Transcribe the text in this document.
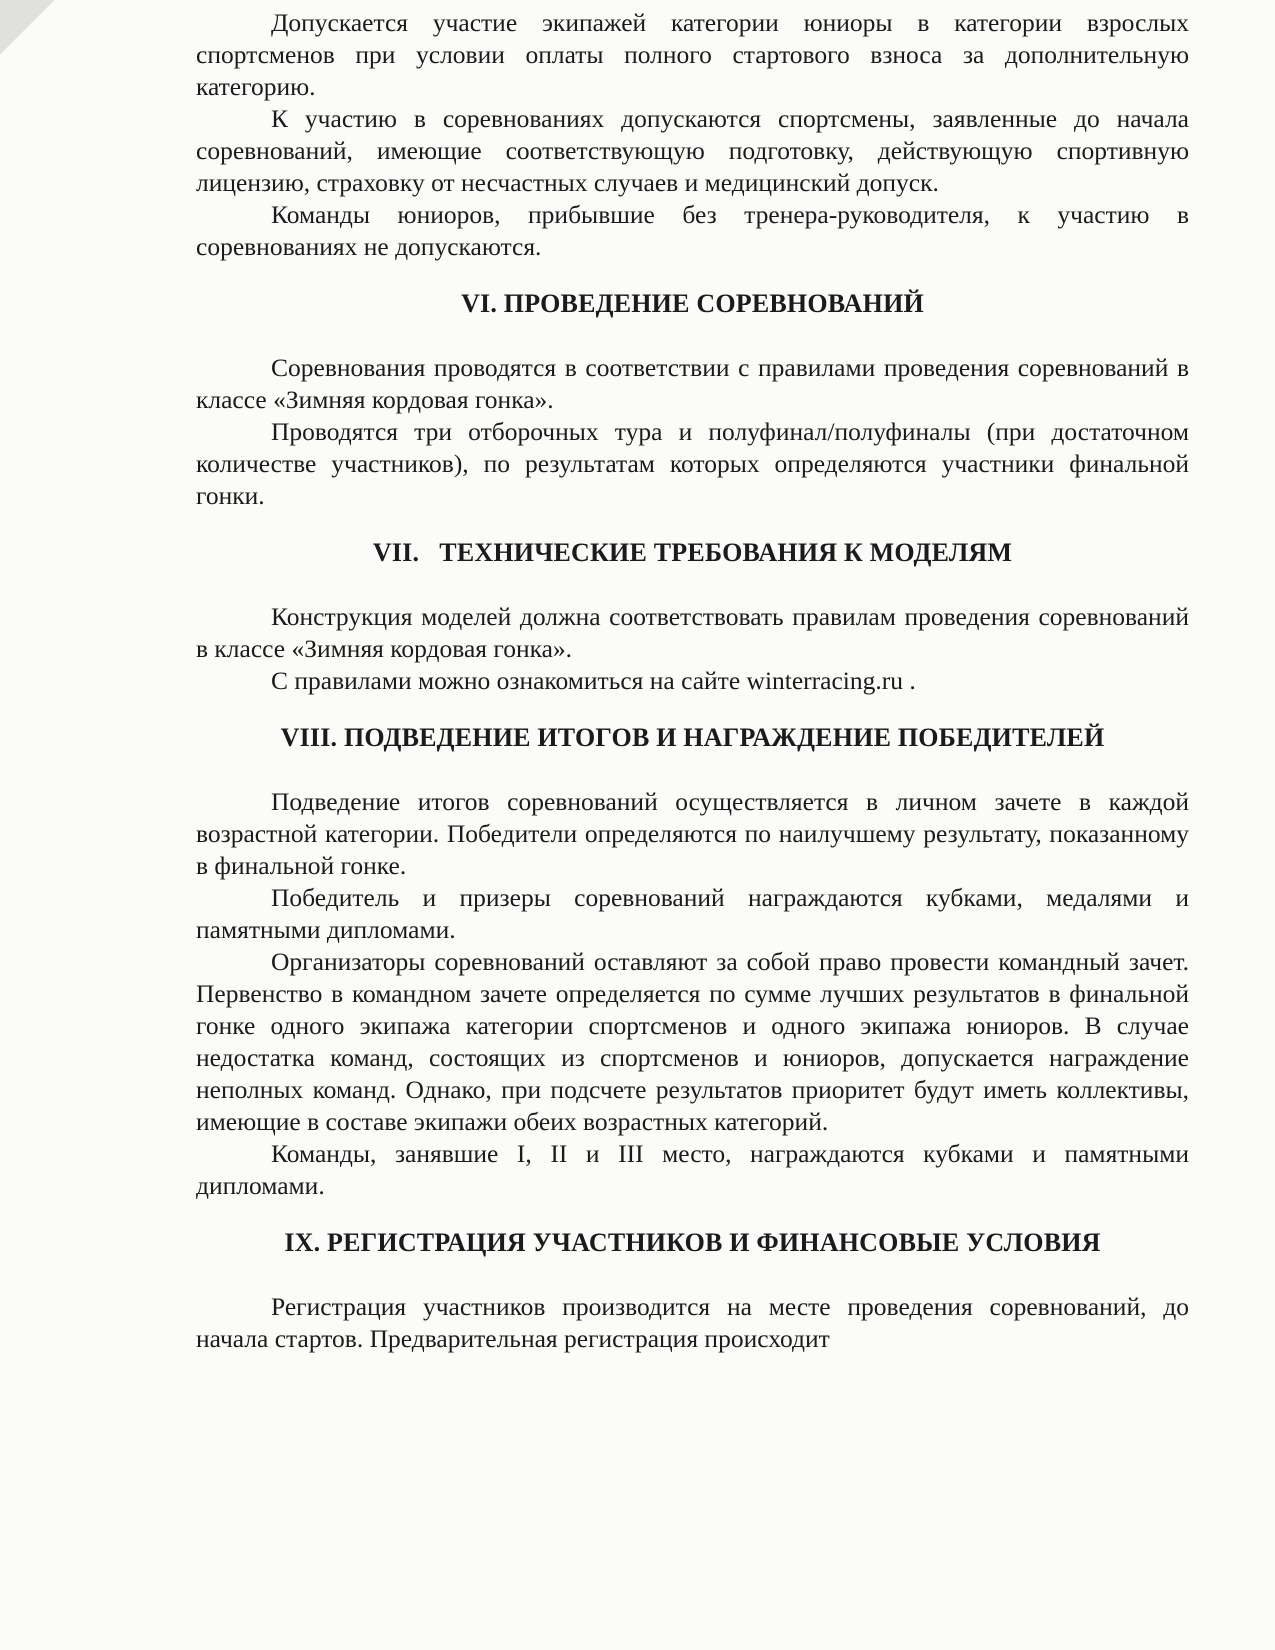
Допускается участие экипажей категории юниоры в категории взрослых спортсменов при условии оплаты полного стартового взноса за дополнительную категорию.

К участию в соревнованиях допускаются спортсмены, заявленные до начала соревнований, имеющие соответствующую подготовку, действующую спортивную лицензию, страховку от несчастных случаев и медицинский допуск.

Команды юниоров, прибывшие без тренера-руководителя, к участию в соревнованиях не допускаются.

VI. ПРОВЕДЕНИЕ СОРЕВНОВАНИЙ

Соревнования проводятся в соответствии с правилами проведения соревнований в классе «Зимняя кордовая гонка».

Проводятся три отборочных тура и полуфинал/полуфиналы (при достаточном количестве участников), по результатам которых определяются участники финальной гонки.

VII.   ТЕХНИЧЕСКИЕ ТРЕБОВАНИЯ К МОДЕЛЯМ

Конструкция моделей должна соответствовать правилам проведения соревнований в классе «Зимняя кордовая гонка».

С правилами можно ознакомиться на сайте winterracing.ru .

VIII. ПОДВЕДЕНИЕ ИТОГОВ И НАГРАЖДЕНИЕ ПОБЕДИТЕЛЕЙ

Подведение итогов соревнований осуществляется в личном зачете в каждой возрастной категории. Победители определяются по наилучшему результату, показанному в финальной гонке.

Победитель и призеры соревнований награждаются кубками, медалями и памятными дипломами.

Организаторы соревнований оставляют за собой право провести командный зачет. Первенство в командном зачете определяется по сумме лучших результатов в финальной гонке одного экипажа категории спортсменов и одного экипажа юниоров. В случае недостатка команд, состоящих из спортсменов и юниоров, допускается награждение неполных команд. Однако, при подсчете результатов приоритет будут иметь коллективы, имеющие в составе экипажи обеих возрастных категорий.

Команды, занявшие I, II и III место, награждаются кубками и памятными дипломами.

IX. РЕГИСТРАЦИЯ УЧАСТНИКОВ И ФИНАНСОВЫЕ УСЛОВИЯ

Регистрация участников производится на месте проведения соревнований, до начала стартов. Предварительная регистрация происходит
